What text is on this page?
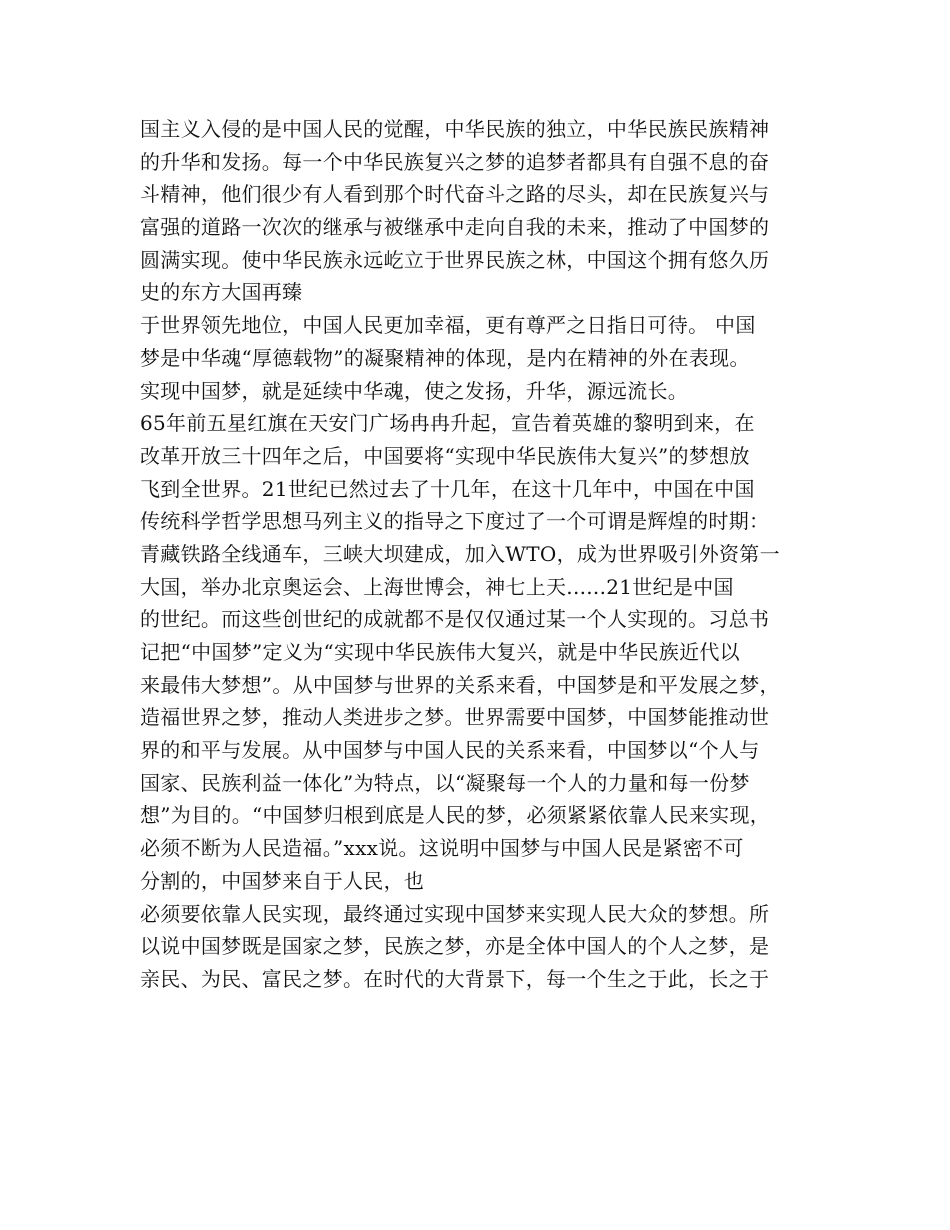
国主义入侵的是中国人民的觉醒，中华民族的独立，中华民族民族精神
的升华和发扬。每一个中华民族复兴之梦的追梦者都具有自强不息的奋
斗精神，他们很少有人看到那个时代奋斗之路的尽头，却在民族复兴与
富强的道路一次次的继承与被继承中走向自我的未来，推动了中国梦的
圆满实现。使中华民族永远屹立于世界民族之林，中国这个拥有悠久历
史的东方大国再臻
于世界领先地位，中国人民更加幸福，更有尊严之日指日可待。 中国
梦是中华魂“厚德载物”的凝聚精神的体现，是内在精神的外在表现。
实现中国梦，就是延续中华魂，使之发扬，升华，源远流长。
65年前五星红旗在天安门广场冉冉升起，宣告着英雄的黎明到来，在
改革开放三十四年之后，中国要将“实现中华民族伟大复兴”的梦想放
飞到全世界。21世纪已然过去了十几年，在这十几年中，中国在中国
传统科学哲学思想马列主义的指导之下度过了一个可谓是辉煌的时期：
青藏铁路全线通车，三峡大坝建成，加入WTO，成为世界吸引外资第一
大国，举办北京奥运会、上海世博会，神七上天......21世纪是中国
的世纪。而这些创世纪的成就都不是仅仅通过某一个人实现的。习总书
记把“中国梦”定义为“实现中华民族伟大复兴，就是中华民族近代以
来最伟大梦想”。从中国梦与世界的关系来看，中国梦是和平发展之梦，
造福世界之梦，推动人类进步之梦。世界需要中国梦，中国梦能推动世
界的和平与发展。从中国梦与中国人民的关系来看，中国梦以“个人与
国家、民族利益一体化”为特点，以“凝聚每一个人的力量和每一份梦
想”为目的。“中国梦归根到底是人民的梦，必须紧紧依靠人民来实现，
必须不断为人民造福。”xxx说。这说明中国梦与中国人民是紧密不可
分割的，中国梦来自于人民，也
必须要依靠人民实现，最终通过实现中国梦来实现人民大众的梦想。所
以说中国梦既是国家之梦，民族之梦，亦是全体中国人的个人之梦，是
亲民、为民、富民之梦。在时代的大背景下，每一个生之于此，长之于
